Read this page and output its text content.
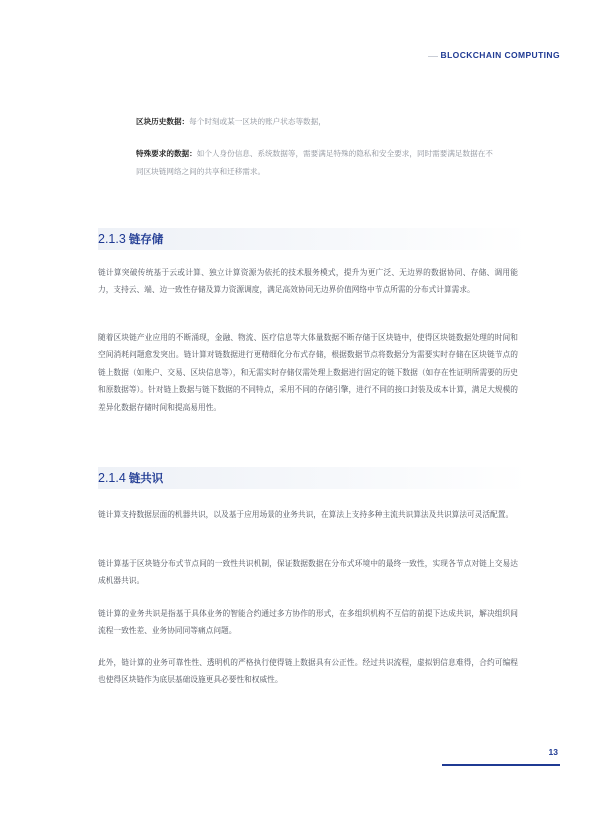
BLOCKCHAIN COMPUTING
区块历史数据：每个时刻或某一区块的账户状态等数据，
特殊要求的数据：如个人身份信息、系统数据等，需要满足特殊的隐私和安全要求，同时需要满足数据在不同区块链网络之间的共享和迁移需求。
2.1.3 链存储

链计算突破传统基于云或计算、独立计算资源为依托的技术服务模式，提升为更广泛、无边界的数据协同、存储、调用能力，支持云、端、边一致性存储及算力资源调度，满足高效协同无边界价值网络中节点所需的分布式计算需求。

随着区块链产业应用的不断涌现，金融、物流、医疗信息等大体量数据不断存储于区块链中，使得区块链数据处理的时间和空间消耗问题愈发突出。链计算对链数据进行更精细化分布式存储，根据数据节点将数据分为需要实时存储在区块链节点的链上数据（如账户、交易、区块信息等），和无需实时存储仅需处理上数据进行固定的链下数据（如存在性证明所需要的历史和原数据等）。针对链上数据与链下数据的不同特点，采用不同的存储引擎，进行不同的接口封装及成本计算，满足大规模的差异化数据存储时间和提高易用性。

2.1.4 链共识

链计算支持数据层面的机器共识，以及基于应用场景的业务共识，在算法上支持多种主流共识算法及共识算法可灵活配置。

链计算基于区块链分布式节点间的一致性共识机制，保证数据数据在分布式环境中的最终一致性，实现各节点对链上交易达成机器共识。

链计算的业务共识是指基于具体业务的智能合约通过多方协作的形式，在多组织机构不互信的前提下达成共识，解决组织间流程一致性差、业务协同同等痛点问题。

此外，链计算的业务可靠性性、透明机的严格执行使得链上数据具有公正性。经过共识流程，虚拟钥信息难得，合约可编程也使得区块链作为底层基础设施更具必要性和权威性。

13
